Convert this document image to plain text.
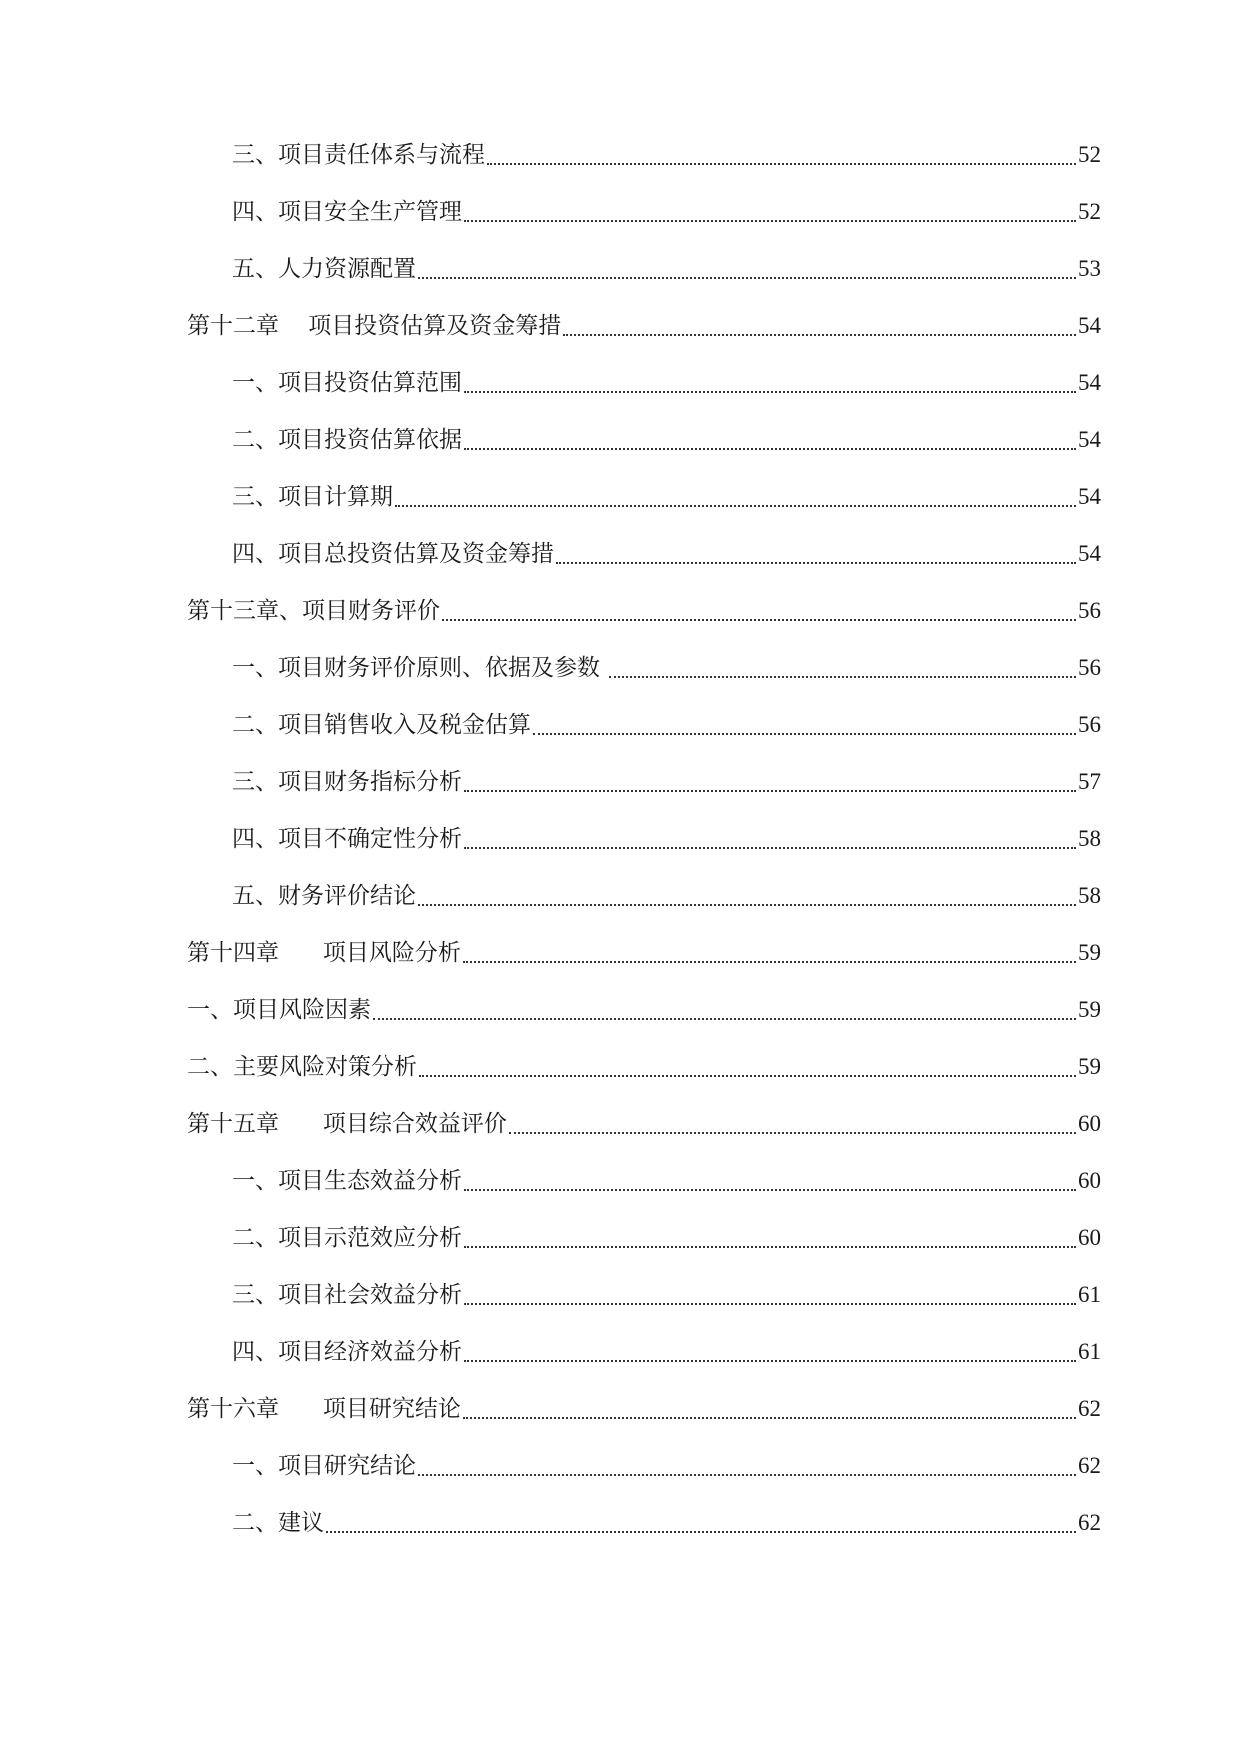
三、项目责任体系与流程	52
四、项目安全生产管理	52
五、人力资源配置	53
第十二章    项目投资估算及资金筹措	54
一、项目投资估算范围	54
二、项目投资估算依据	54
三、项目计算期	54
四、项目总投资估算及资金筹措	54
第十三章、项目财务评价	56
一、项目财务评价原则、依据及参数	56
二、项目销售收入及税金估算	56
三、项目财务指标分析	57
四、项目不确定性分析	58
五、财务评价结论	58
第十四章      项目风险分析	59
一、项目风险因素	59
二、主要风险对策分析	59
第十五章      项目综合效益评价	60
一、项目生态效益分析	60
二、项目示范效应分析	60
三、项目社会效益分析	61
四、项目经济效益分析	61
第十六章      项目研究结论	62
一、项目研究结论	62
二、建议	62
